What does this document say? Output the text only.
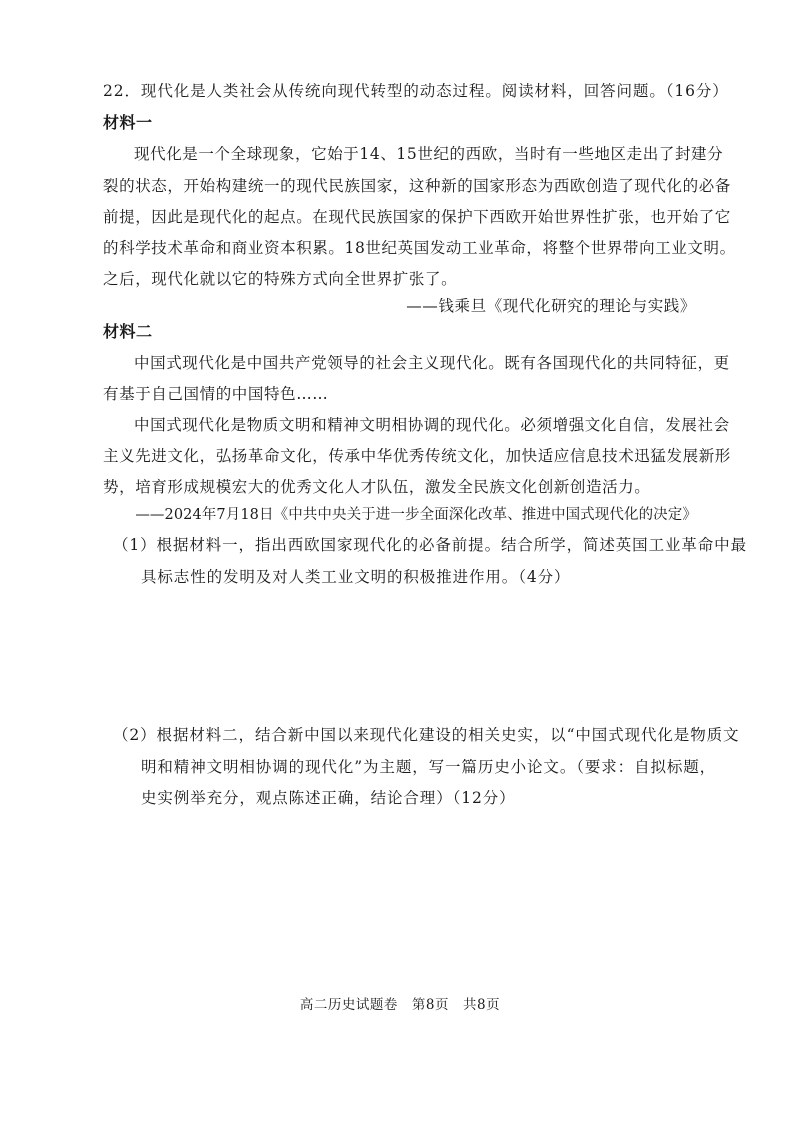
22．现代化是人类社会从传统向现代转型的动态过程。阅读材料，回答问题。（16分）
材料一
现代化是一个全球现象，它始于14、15世纪的西欧，当时有一些地区走出了封建分
裂的状态，开始构建统一的现代民族国家，这种新的国家形态为西欧创造了现代化的必备
前提，因此是现代化的起点。在现代民族国家的保护下西欧开始世界性扩张，也开始了它
的科学技术革命和商业资本积累。18世纪英国发动工业革命，将整个世界带向工业文明。
之后，现代化就以它的特殊方式向全世界扩张了。
——钱乘旦《现代化研究的理论与实践》
材料二
中国式现代化是中国共产党领导的社会主义现代化。既有各国现代化的共同特征，更
有基于自己国情的中国特色……
中国式现代化是物质文明和精神文明相协调的现代化。必须增强文化自信，发展社会
主义先进文化，弘扬革命文化，传承中华优秀传统文化，加快适应信息技术迅猛发展新形
势，培育形成规模宏大的优秀文化人才队伍，激发全民族文化创新创造活力。
——2024年7月18日《中共中央关于进一步全面深化改革、推进中国式现代化的决定》
（1）根据材料一，指出西欧国家现代化的必备前提。结合所学，简述英国工业革命中最
具标志性的发明及对人类工业文明的积极推进作用。（4分）
（2）根据材料二，结合新中国以来现代化建设的相关史实，以“中国式现代化是物质文
明和精神文明相协调的现代化”为主题，写一篇历史小论文。（要求：自拟标题，
史实例举充分，观点陈述正确，结论合理）（12分）
高二历史试题卷　第8页　共8页
